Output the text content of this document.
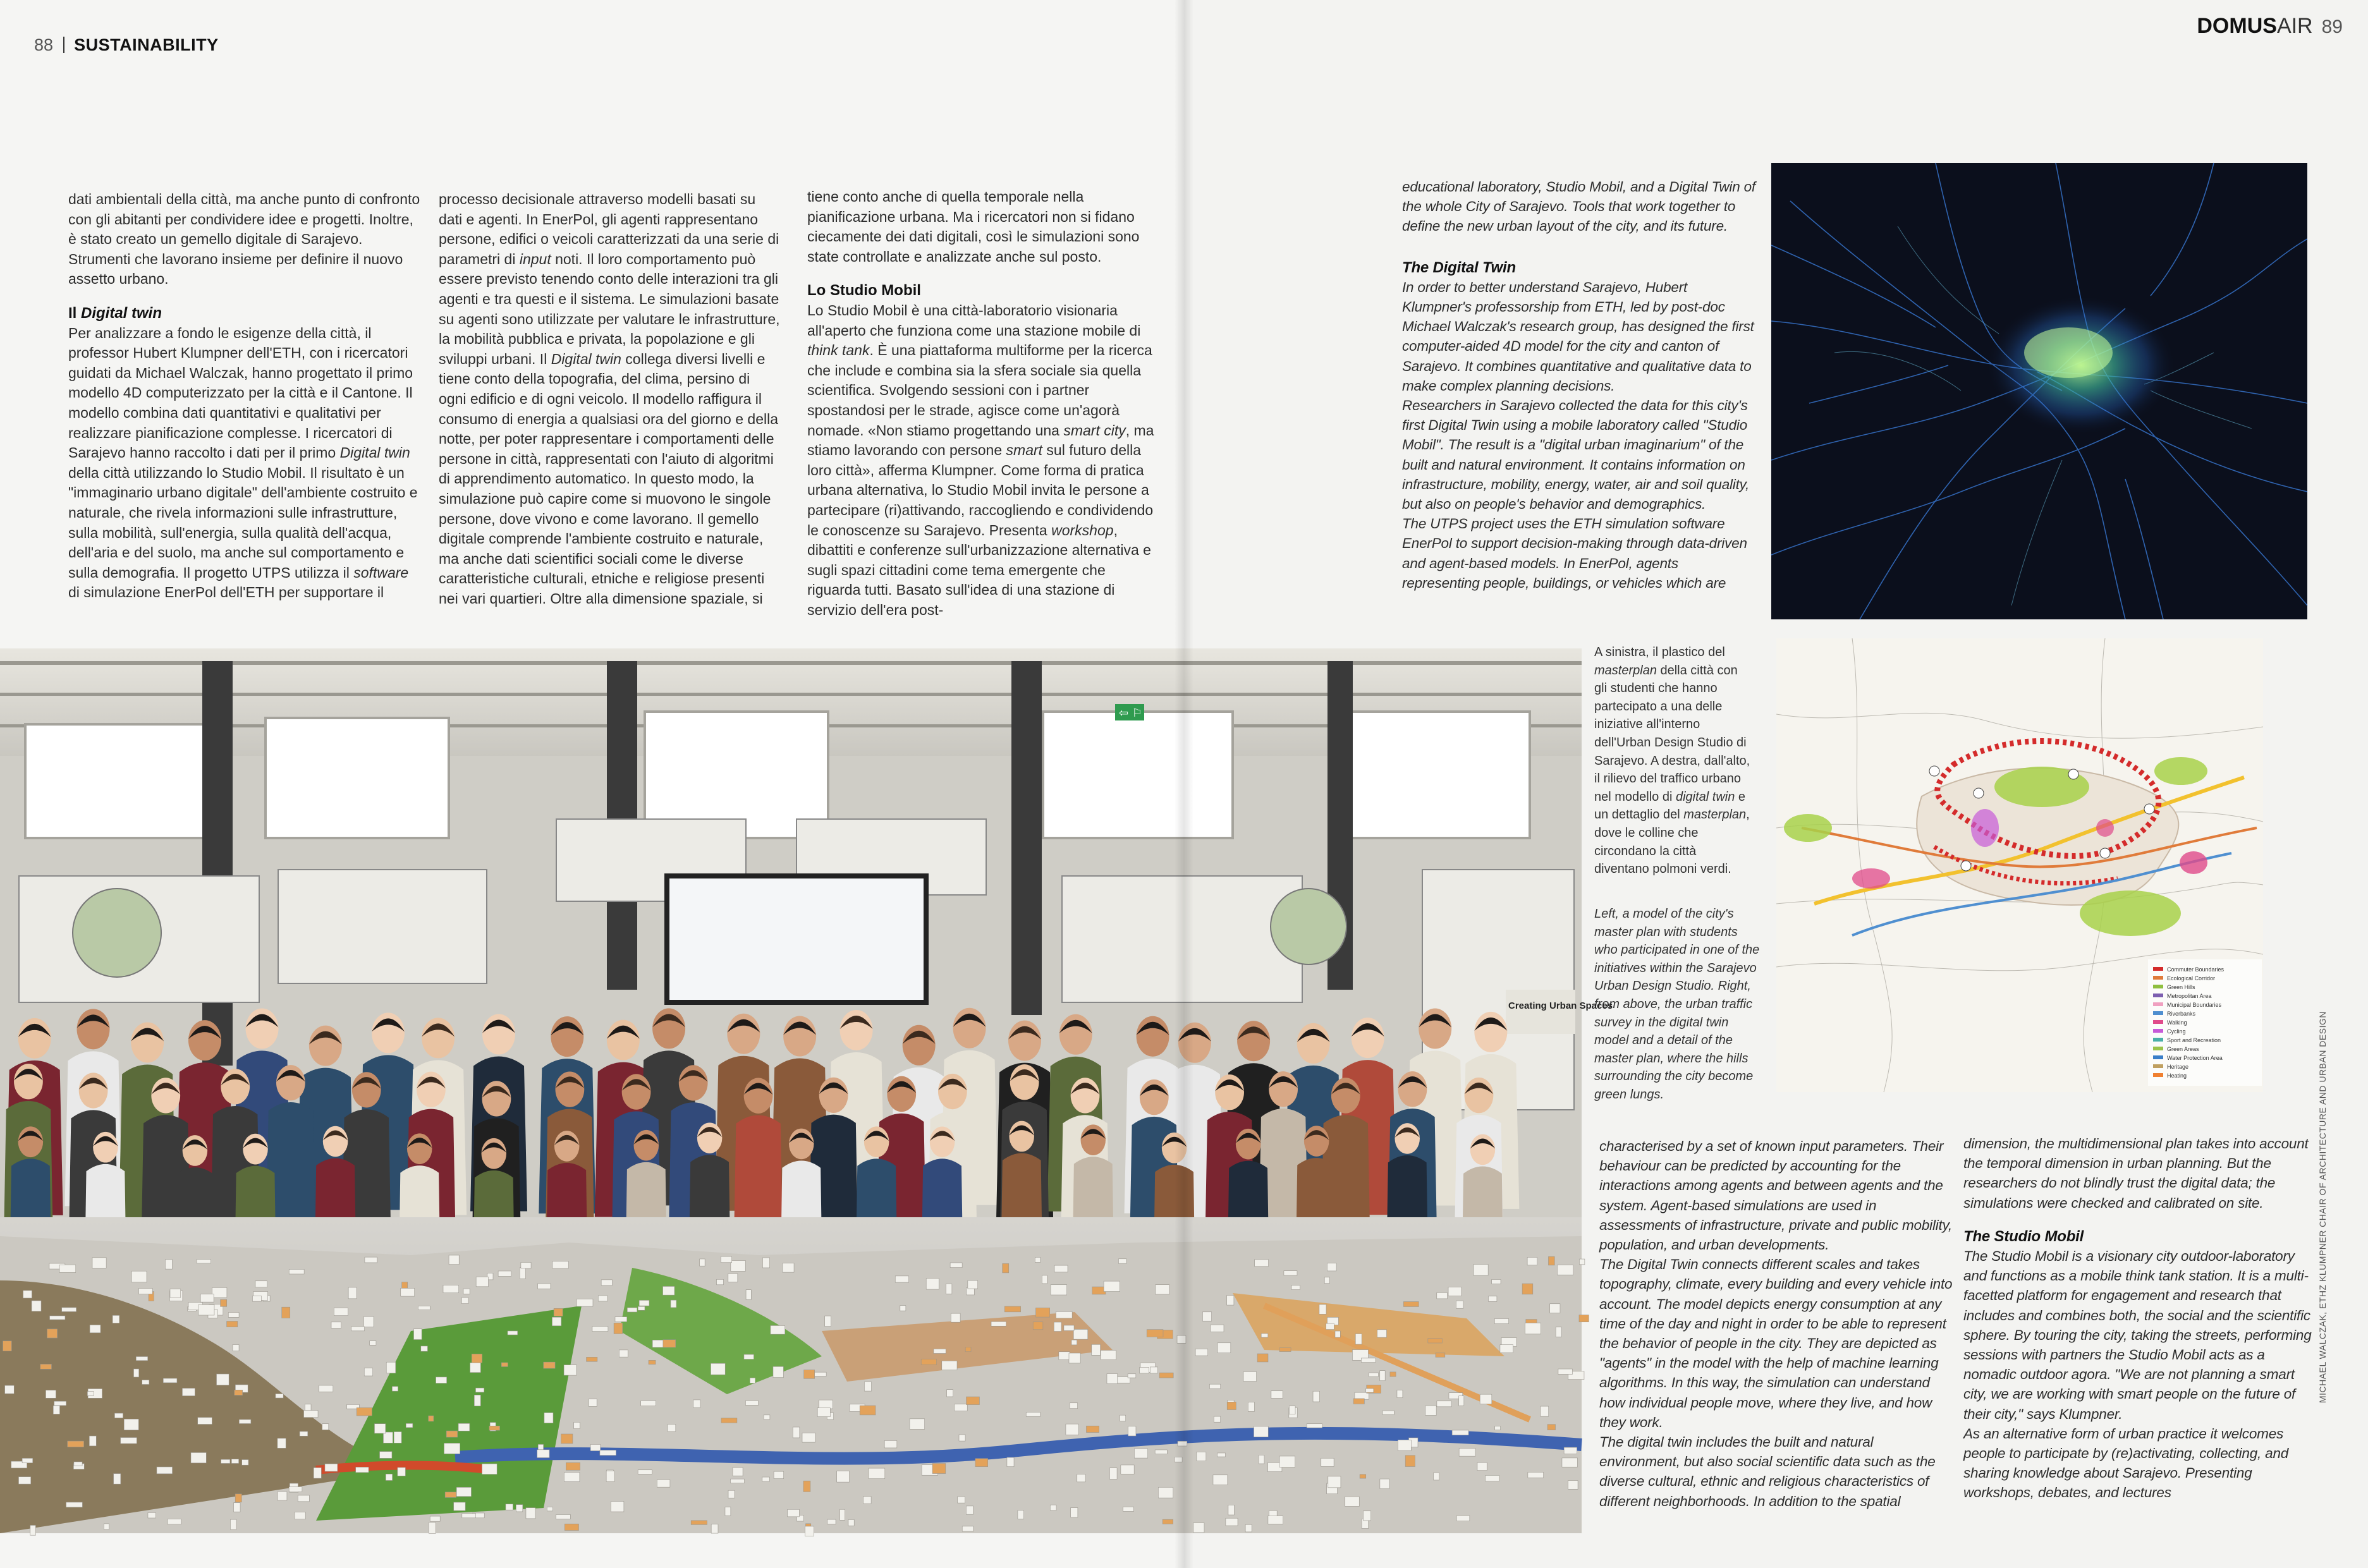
88 SUSTAINABILITY

dati ambientali della città, ma anche punto di confronto con gli abitanti per condividere idee e progetti. Inoltre, è stato creato un gemello digitale di Sarajevo. Strumenti che lavorano insieme per definire il nuovo assetto urbano.

Il Digital twin

Per analizzare a fondo le esigenze della città, il professor Hubert Klumpner dell'ETH, con i ricercatori guidati da Michael Walczak, hanno progettato il primo modello 4D computerizzato per la città e il Cantone. Il modello combina dati quantitativi e qualitativi per realizzare pianificazione complesse. I ricercatori di Sarajevo hanno raccolto i dati per il primo Digital twin della città utilizzando lo Studio Mobil. Il risultato è un "immaginario urbano digitale" dell'ambiente costruito e naturale, che rivela informazioni sulle infrastrutture, sulla mobilità, sull'energia, sulla qualità dell'acqua, dell'aria e del suolo, ma anche sul comportamento e sulla demografia. Il progetto UTPS utilizza il software di simulazione EnerPol dell'ETH per supportare il

processo decisionale attraverso modelli basati su dati e agenti. In EnerPol, gli agenti rappresentano persone, edifici o veicoli caratterizzati da una serie di parametri di input noti. Il loro comportamento può essere previsto tenendo conto delle interazioni tra gli agenti e tra questi e il sistema. Le simulazioni basate su agenti sono utilizzate per valutare le infrastrutture, la mobilità pubblica e privata, la popolazione e gli sviluppi urbani. Il Digital twin collega diversi livelli e tiene conto della topografia, del clima, persino di ogni edificio e di ogni veicolo. Il modello raffigura il consumo di energia a qualsiasi ora del giorno e della notte, per poter rappresentare i comportamenti delle persone in città, rappresentati con l'aiuto di algoritmi di apprendimento automatico. In questo modo, la simulazione può capire come si muovono le singole persone, dove vivono e come lavorano. Il gemello digitale comprende l'ambiente costruito e naturale, ma anche dati scientifici sociali come le diverse caratteristiche culturali, etniche e religiose presenti nei vari quartieri. Oltre alla dimensione spaziale, si

tiene conto anche di quella temporale nella pianificazione urbana. Ma i ricercatori non si fidano ciecamente dei dati digitali, così le simulazioni sono state controllate e analizzate anche sul posto.

Lo Studio Mobil

Lo Studio Mobil è una città-laboratorio visionaria all'aperto che funziona come una stazione mobile di think tank. È una piattaforma multiforme per la ricerca che include e combina sia la sfera sociale sia quella scientifica. Svolgendo sessioni con i partner spostandosi per le strade, agisce come un'agorà nomade. «Non stiamo progettando una smart city, ma stiamo lavorando con persone smart sul futuro della loro città», afferma Klumpner. Come forma di pratica urbana alternativa, lo Studio Mobil invita le persone a partecipare (ri)attivando, raccogliendo e condividendo le conoscenze su Sarajevo. Presenta workshop, dibattiti e conferenze sull'urbanizzazione alternativa e sugli spazi cittadini come tema emergente che riguarda tutti. Basato sull'idea di una stazione di servizio dell'era post-

DOMUSAIR 89

educational laboratory, Studio Mobil, and a Digital Twin of the whole City of Sarajevo. Tools that work together to define the new urban layout of the city, and its future.

The Digital Twin

In order to better understand Sarajevo, Hubert Klumpner's professorship from ETH, led by post-doc Michael Walczak's research group, has designed the first computer-aided 4D model for the city and canton of Sarajevo. It combines quantitative and qualitative data to make complex planning decisions.

Researchers in Sarajevo collected the data for this city's first Digital Twin using a mobile laboratory called "Studio Mobil". The result is a "digital urban imaginarium" of the built and natural environment. It contains information on infrastructure, mobility, energy, water, air and soil quality, but also on people's behavior and demographics.

The UTPS project uses the ETH simulation software EnerPol to support decision-making through data-driven and agent-based models. In EnerPol, agents representing people, buildings, or vehicles which are

A sinistra, il plastico del masterplan della città con gli studenti che hanno partecipato a una delle iniziative all'interno dell'Urban Design Studio di Sarajevo. A destra, dall'alto, il rilievo del traffico urbano nel modello di digital twin e un dettaglio del masterplan, dove le colline che circondano la città diventano polmoni verdi.
Left, a model of the city's master plan with students who participated in one of the initiatives within the Sarajevo Urban Design Studio. Right, from above, the urban traffic survey in the digital twin model and a detail of the master plan, where the hills surrounding the city become green lungs.
Commuter Boundaries
Ecological Corridor
Green Hills
Metropolitan Area
Municipal Boundaries
Riverbanks
Walking
Cycling
Sport and Recreation
Green Areas
Water Protection Area
Heritage
Heating	MICHAEL WALCZAK, ETHZ KLUMPNER CHAIR OF ARCHITECTURE AND URBAN DESIGN

characterised by a set of known input parameters. Their behaviour can be predicted by accounting for the interactions among agents and between agents and the system. Agent-based simulations are used in assessments of infrastructure, private and public mobility, population, and urban developments.

The Digital Twin connects different scales and takes topography, climate, every building and every vehicle into account. The model depicts energy consumption at any time of the day and night in order to be able to represent the behavior of people in the city. They are depicted as "agents" in the model with the help of machine learning algorithms. In this way, the simulation can understand how individual people move, where they live, and how they work.

The digital twin includes the built and natural environment, but also social scientific data such as the diverse cultural, ethnic and religious characteristics of different neighborhoods. In addition to the spatial

dimension, the multidimensional plan takes into account the temporal dimension in urban planning. But the researchers do not blindly trust the digital data; the simulations were checked and calibrated on site.

The Studio Mobil

The Studio Mobil is a visionary city outdoor-laboratory and functions as a mobile think tank station. It is a multi-facetted platform for engagement and research that includes and combines both, the social and the scientific sphere. By touring the city, taking the streets, performing sessions with partners the Studio Mobil acts as a nomadic outdoor agora. "We are not planning a smart city, we are working with smart people on the future of their city," says Klumpner.

As an alternative form of urban practice it welcomes people to participate by (re)activating, collecting, and sharing knowledge about Sarajevo. Presenting workshops, debates, and lectures

⇦ ⚐
Creating Urban Spaces
